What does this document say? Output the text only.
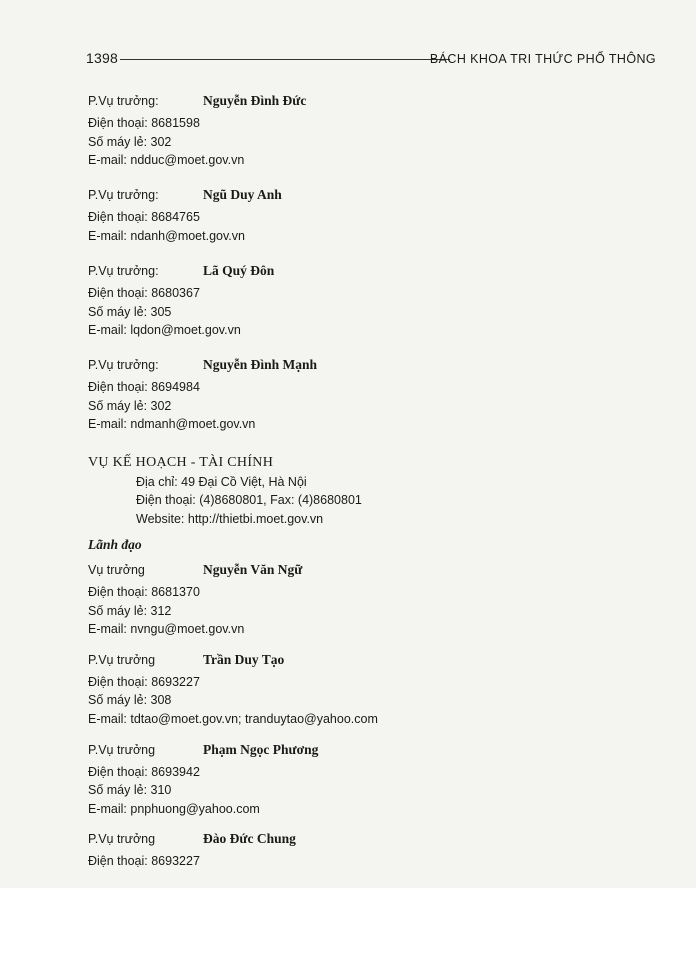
1398	BÁCH KHOA TRI THỨC PHỔ THÔNG
P.Vụ trưởng:	Nguyễn Đình Đức
Điện thoại: 8681598
Số máy lẻ: 302
E-mail: ndduc@moet.gov.vn
P.Vụ trưởng:	Ngũ Duy Anh
Điện thoại: 8684765
E-mail: ndanh@moet.gov.vn
P.Vụ trưởng:	Lã Quý Đôn
Điện thoại: 8680367
Số máy lẻ: 305
E-mail: lqdon@moet.gov.vn
P.Vụ trưởng:	Nguyễn Đình Mạnh
Điện thoại: 8694984
Số máy lẻ: 302
E-mail: ndmanh@moet.gov.vn
VỤ KẾ HOẠCH - TÀI CHÍNH
Địa chỉ: 49 Đại Cồ Việt, Hà Nội
Điện thoại: (4)8680801, Fax: (4)8680801
Website: http://thietbi.moet.gov.vn
Lãnh đạo
Vụ trưởng	Nguyễn Văn Ngữ
Điện thoại: 8681370
Số máy lẻ: 312
E-mail: nvngu@moet.gov.vn
P.Vụ trưởng	Trần Duy Tạo
Điện thoại: 8693227
Số máy lẻ: 308
E-mail: tdtao@moet.gov.vn; tranduytao@yahoo.com
P.Vụ trưởng	Phạm Ngọc Phương
Điện thoại: 8693942
Số máy lẻ: 310
E-mail: pnphuong@yahoo.com
P.Vụ trưởng	Đào Đức Chung
Điện thoại: 8693227
